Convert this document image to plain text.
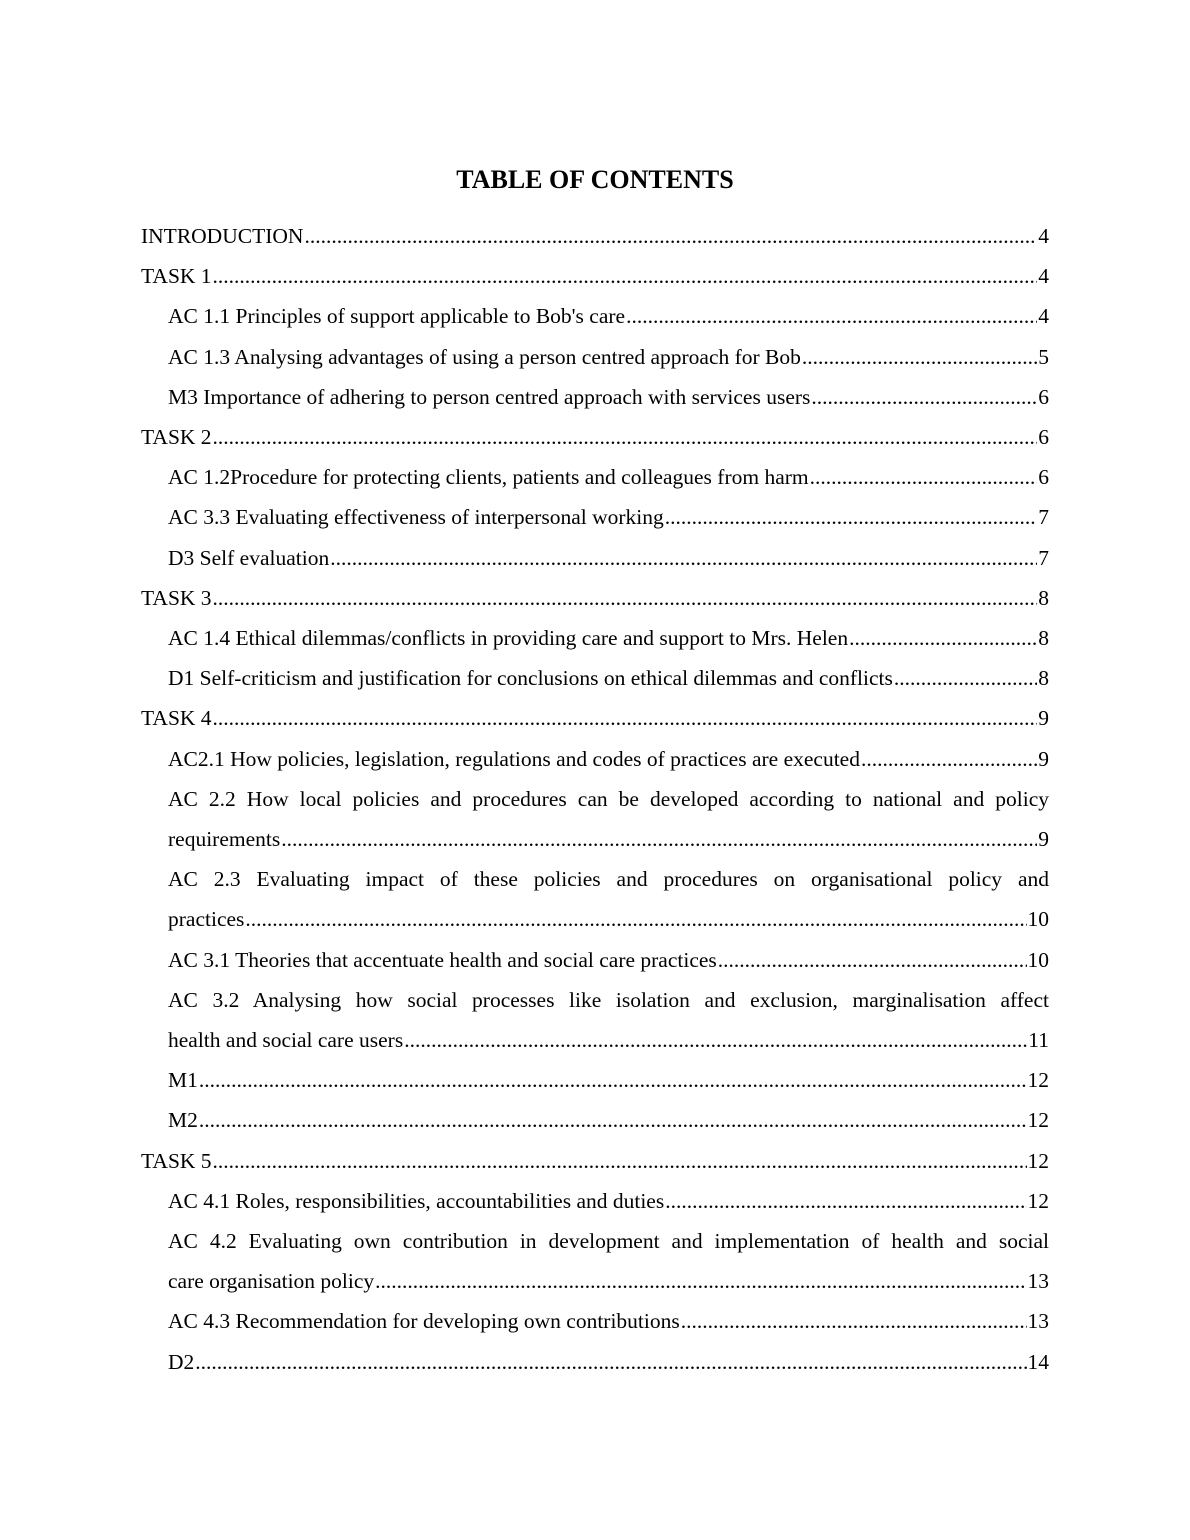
TABLE OF CONTENTS
INTRODUCTION .....	4
TASK 1 .....	4
AC 1.1 Principles of support applicable to Bob's care .....	4
AC 1.3 Analysing advantages of using a person centred approach for Bob .....	5
M3 Importance of adhering to person centred approach with services users .....	6
TASK 2 .....	6
AC 1.2Procedure for protecting clients, patients and colleagues from harm .....	6
AC 3.3 Evaluating effectiveness of interpersonal working .....	7
D3 Self evaluation .....	7
TASK 3 .....	8
AC 1.4 Ethical dilemmas/conflicts in providing care and support to Mrs. Helen .....	8
D1 Self-criticism and justification for conclusions on ethical dilemmas and conflicts .....	8
TASK 4 .....	9
AC2.1 How policies, legislation, regulations and codes of practices are executed .....	9
AC 2.2 How local policies and procedures can be developed according to national and policy
requirements .....	9
AC 2.3 Evaluating impact of these policies and procedures on organisational policy and
practices .....	10
AC 3.1 Theories that accentuate health and social care practices .....	10
AC 3.2 Analysing how social processes like isolation and exclusion, marginalisation affect
health and social care users .....	11
M1 .....	12
M2 .....	12
TASK 5 .....	12
AC 4.1 Roles, responsibilities, accountabilities and duties .....	12
AC 4.2 Evaluating own contribution in development and implementation of health and social
care organisation policy .....	13
AC 4.3 Recommendation for developing own contributions .....	13
D2 .....	14
